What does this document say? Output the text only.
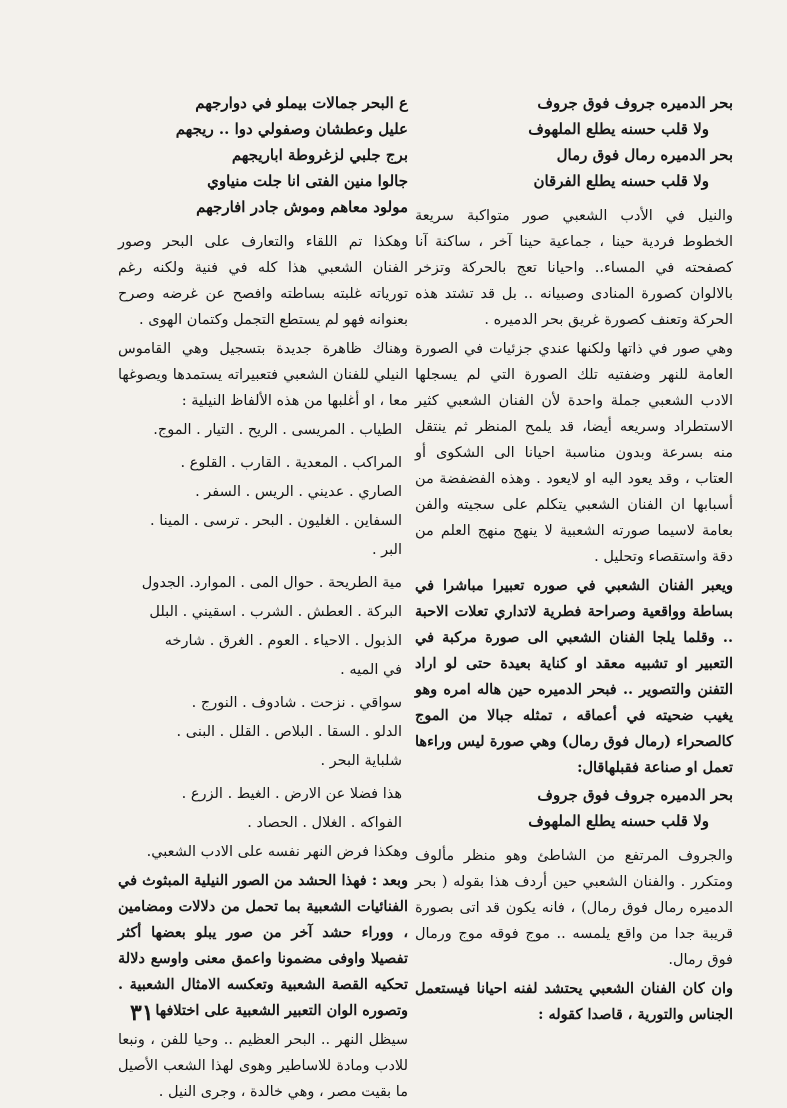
بحر الدميره جروف فوق جروف

ولا قلب حسنه يطلع الملهوف

بحر الدميره رمال فوق رمال

ولا قلب حسنه يطلع الفرقان

والنيل في الأدب الشعبي صور متواكبة سريعة الخطوط فردية حينا ، جماعية حينا آخر ، ساكنة آنا كصفحته في المساء.. واحيانا تعج بالحركة وتزخر بالالوان كصورة المنادى وصبيانه .. بل قد تشتد هذه الحركة وتعنف كصورة غريق بحر الدميره .

وهي صور في ذاتها ولكنها عندي جزئيات في الصورة العامة للنهر وضفتيه تلك الصورة التي لم يسجلها الادب الشعبي جملة واحدة لأن الفنان الشعبي كثير الاستطراد وسريعه أيضا، قد يلمح المنظر ثم ينتقل منه بسرعة وبدون مناسبة احيانا الى الشكوى أو العتاب ، وقد يعود اليه او لايعود . وهذه الفضفضة من أسبابها ان الفنان الشعبي يتكلم على سجيته والفن بعامة لاسيما صورته الشعبية لا ينهج منهج العلم من دقة واستقصاء وتحليل .

ويعبر الفنان الشعبي في صوره تعبيرا مباشرا في بساطة وواقعية وصراحة فطرية لاتداري تعلات الاحبة .. وقلما يلجا الفنان الشعبي الى صورة مركبة في التعبير او تشبيه معقد او كناية بعيدة حتى لو اراد التفنن والتصوير .. فبحر الدميره حين هاله امره وهو يغيب ضحيته في أعماقه ، تمثله جبالا من الموج كالصحراء (رمال فوق رمال) وهي صورة ليس وراءها تعمل او صناعة فقبلهاقال:

بحر الدميره جروف فوق جروف

ولا قلب حسنه يطلع الملهوف

والجروف المرتفع من الشاطئ وهو منظر مألوف ومتكرر . والفنان الشعبي حين أردف هذا بقوله ( بحر الدميره رمال فوق رمال) ، فانه يكون قد اتى بصورة قريبة جدا من واقع يلمسه .. موج فوقه موج ورمال فوق رمال.

وان كان الفنان الشعبي يحتشد لفنه احيانا فيستعمل الجناس والتورية ، قاصدا كقوله :

ع البحر جمالات بيملو في دوارجهم

عليل وعطشان وصفولي دوا .. ريجهم

برج جلبي لزغروطة اباريجهم

جالوا منين الفتى انا جلت منياوي

مولود معاهم وموش جادر افارجهم

وهكذا تم اللقاء والتعارف على البحر وصور الفنان الشعبي هذا كله في فنية ولكنه رغم تورياته غلبته بساطته وافصح عن غرضه وصرح بعنوانه فهو لم يستطع التجمل وكتمان الهوى .

وهناك ظاهرة جديدة بتسجيل وهي القاموس النيلي للفنان الشعبي فتعبيراته يستمدها ويصوغها معا ، او أغلبها من هذه الألفاظ النيلية :

الطياب . المريسى . الريح . التيار . الموج.

المراكب . المعدية . القارب . القلوع .

الصاري . عديني . الريس . السفر .

السفاين . الغليون . البحر . ترسى . المينا .

البر .

مية الطريحة . حوال المى . الموارد. الجدول

البركة . العطش . الشرب . اسقيني . البلل

الذبول . الاحياء . العوم . الغرق . شارخه

في الميه .

سواقي . نزحت . شادوف . النورج .

الدلو . السقا . البلاص . القلل . البنى .

شلباية البحر .

هذا فضلا عن الارض . الغيط . الزرع .

الفواكه . الغلال . الحصاد .

وهكذا فرض النهر نفسه على الادب الشعبي.

وبعد : فهذا الحشد من الصور النيلية المبثوث في الفنائيات الشعبية بما تحمل من دلالات ومضامين ، ووراء حشد آخر من صور يبلو بعضها أكثر تفصيلا واوفى مضمونا واعمق معنى واوسع دلالة تحكيه القصة الشعبية وتعكسه الامثال الشعبية . وتصوره الوان التعبير الشعبية على اختلافها .

سيظل النهر .. البحر العظيم .. وحيا للفن ، ونبعا للادب ومادة للاساطير وهوى لهذا الشعب الأصيل ما بقيت مصر ، وهي خالدة ، وجرى النيل .

٣١
